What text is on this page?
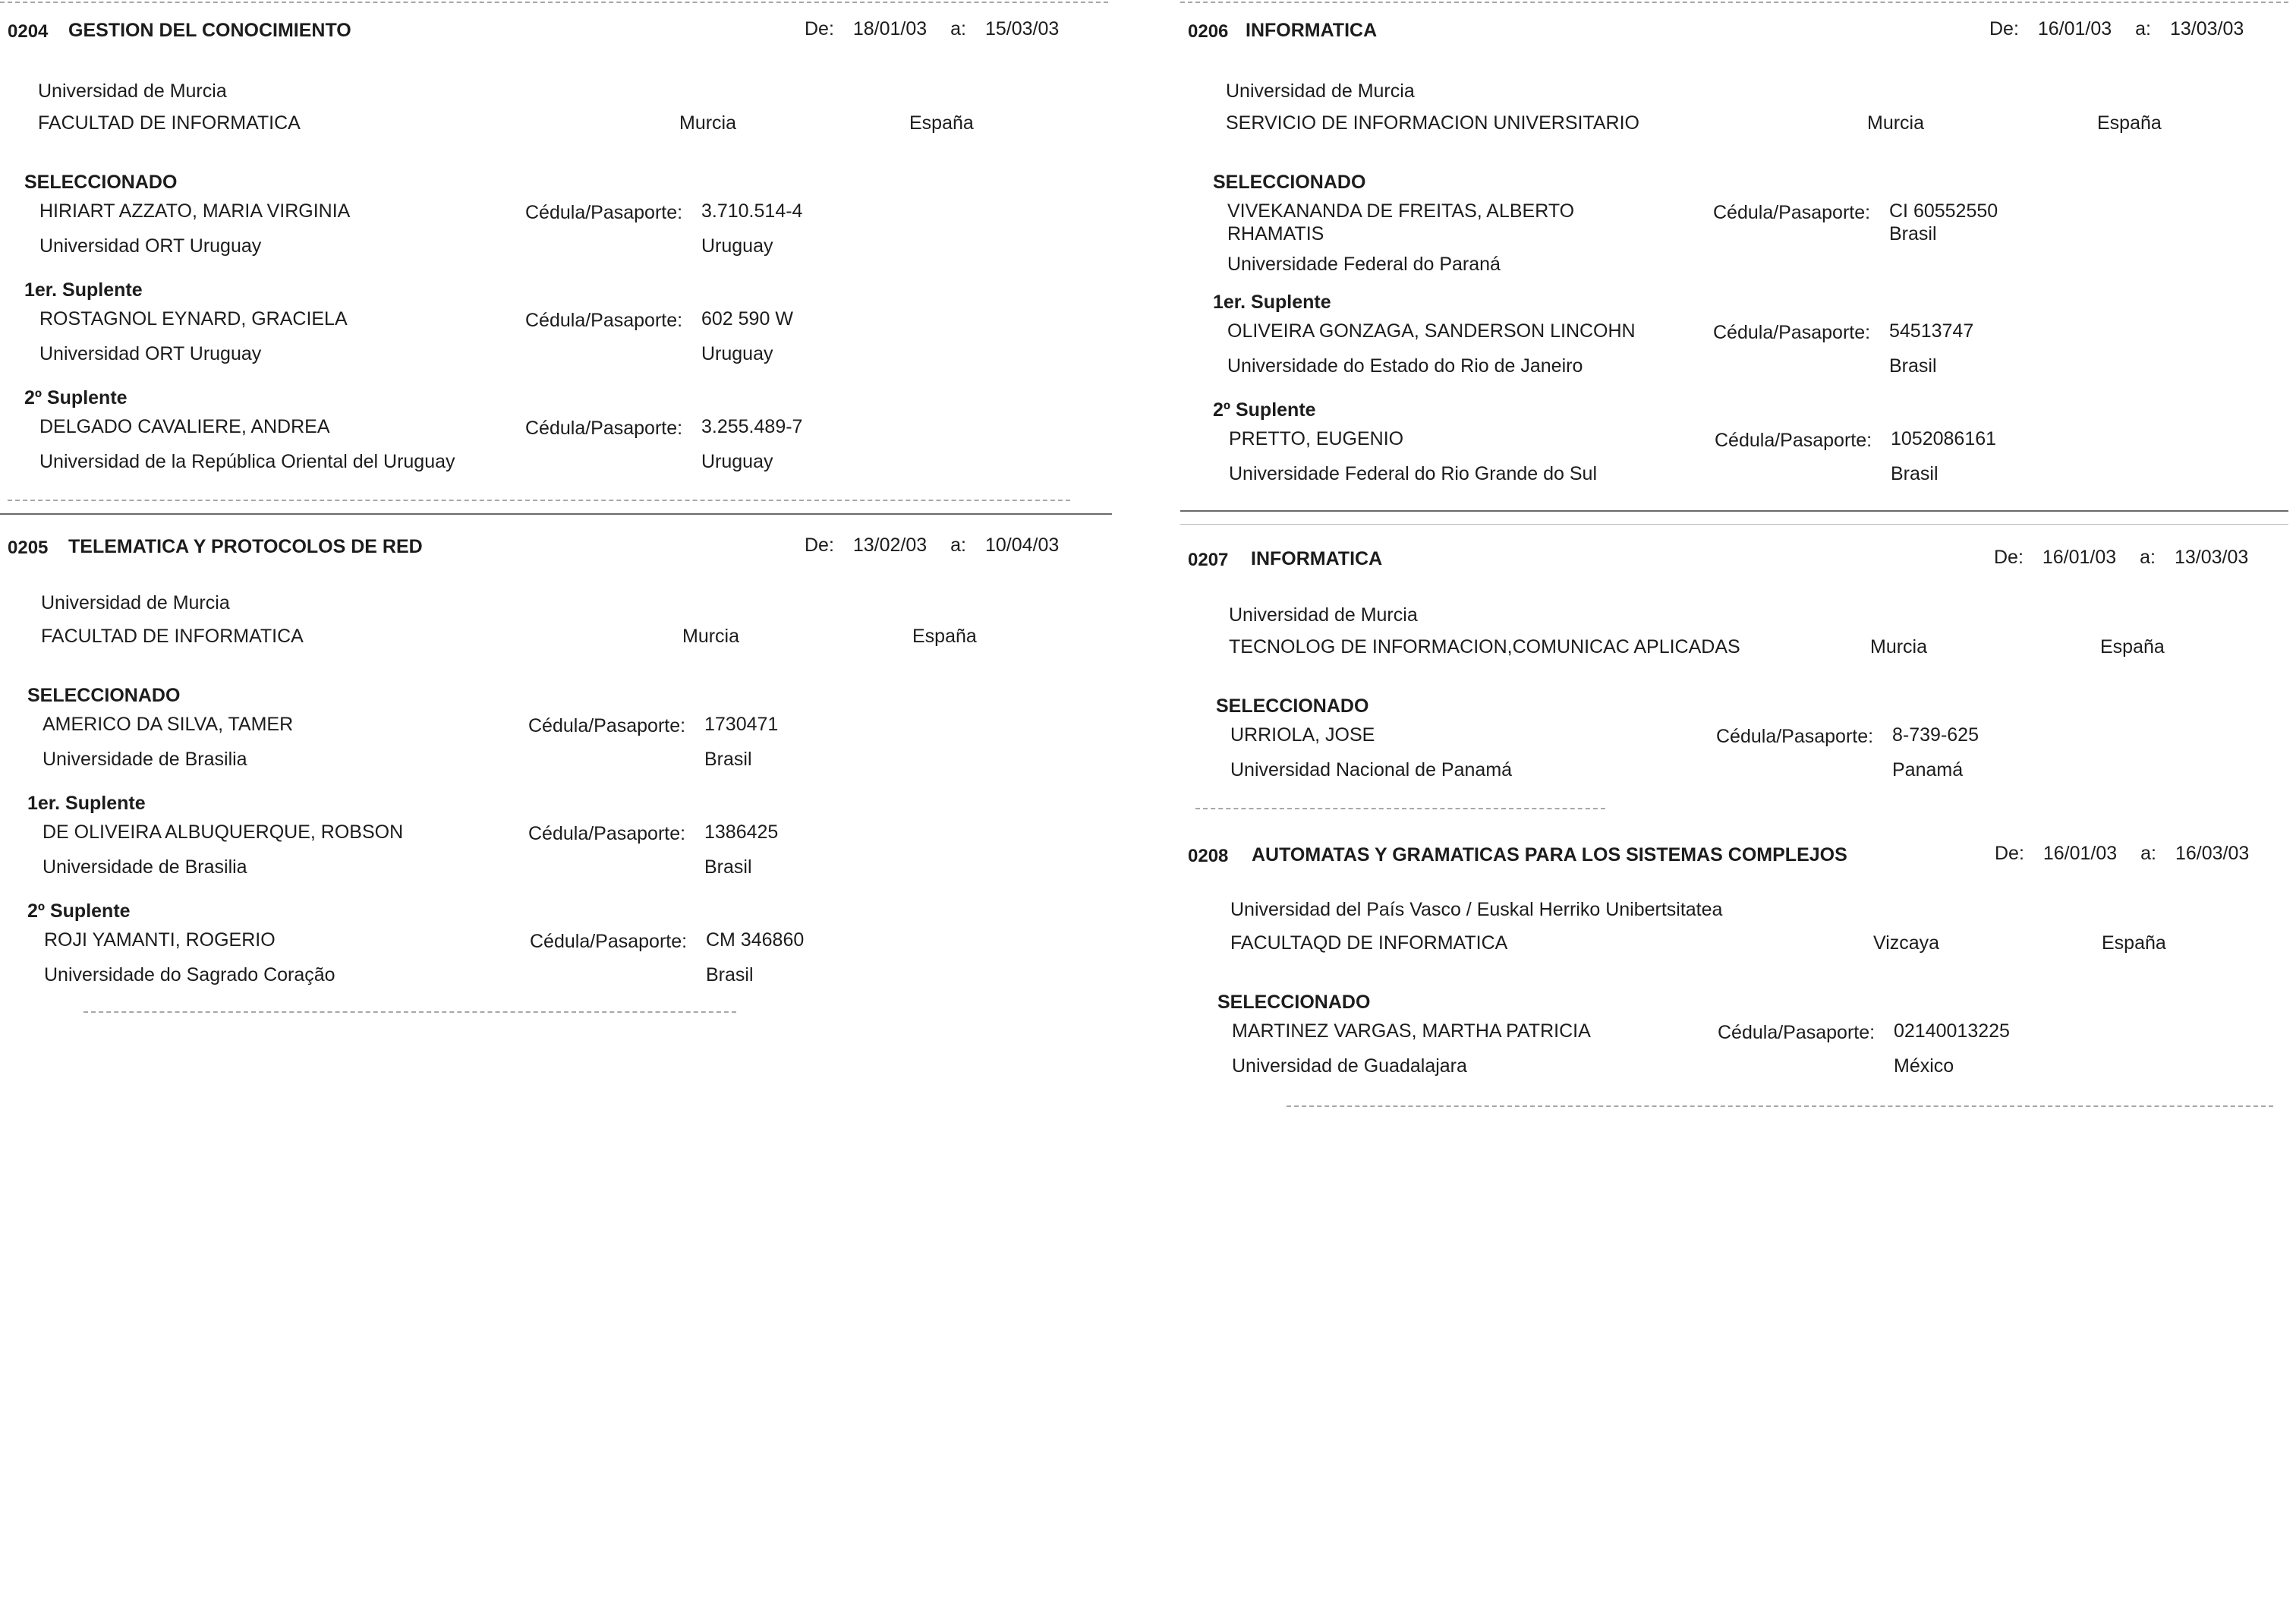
0204 GESTION DEL CONOCIMIENTO	De: 18/01/03 a: 15/03/03
Universidad de Murcia
FACULTAD DE INFORMATICA	Murcia	España
SELECCIONADO
HIRIART AZZATO, MARIA VIRGINIA	Cédula/Pasaporte: 3.710.514-4
Universidad ORT Uruguay	Uruguay
1er. Suplente
ROSTAGNOL EYNARD, GRACIELA	Cédula/Pasaporte: 602 590 W
Universidad ORT Uruguay	Uruguay
2º Suplente
DELGADO CAVALIERE, ANDREA	Cédula/Pasaporte: 3.255.489-7
Universidad de la República Oriental del Uruguay	Uruguay
0205 TELEMATICA Y PROTOCOLOS DE RED	De: 13/02/03 a: 10/04/03
Universidad de Murcia
FACULTAD DE INFORMATICA	Murcia	España
SELECCIONADO
AMERICO DA SILVA, TAMER	Cédula/Pasaporte: 1730471
Universidade de Brasilia	Brasil
1er. Suplente
DE OLIVEIRA ALBUQUERQUE, ROBSON	Cédula/Pasaporte: 1386425
Universidade de Brasilia	Brasil
2º Suplente
ROJI YAMANTI, ROGERIO	Cédula/Pasaporte: CM 346860
Universidade do Sagrado Coração	Brasil
0206 INFORMATICA	De: 16/01/03 a: 13/03/03
Universidad de Murcia
SERVICIO DE INFORMACION UNIVERSITARIO	Murcia	España
SELECCIONADO
VIVEKANANDA DE FREITAS, ALBERTO	Cédula/Pasaporte: CI 60552550
RHAMATIS	Brasil
Universidade Federal do Paraná
1er. Suplente
OLIVEIRA GONZAGA, SANDERSON LINCOHN	Cédula/Pasaporte: 54513747
Universidade do Estado do Rio de Janeiro	Brasil
2º Suplente
PRETTO, EUGENIO	Cédula/Pasaporte: 1052086161
Universidade Federal do Rio Grande do Sul	Brasil
0207 INFORMATICA	De: 16/01/03 a: 13/03/03
Universidad de Murcia
TECNOLOG DE INFORMACION,COMUNICAC APLICADAS	Murcia	España
SELECCIONADO
URRIOLA, JOSE	Cédula/Pasaporte: 8-739-625
Universidad Nacional de Panamá	Panamá
0208 AUTOMATAS Y GRAMATICAS PARA LOS SISTEMAS COMPLEJOS	De: 16/01/03 a: 16/03/03
Universidad del País Vasco / Euskal Herriko Unibertsitatea
FACULTAQD DE INFORMATICA	Vizcaya	España
SELECCIONADO
MARTINEZ VARGAS, MARTHA PATRICIA	Cédula/Pasaporte: 02140013225
Universidad de Guadalajara	México
